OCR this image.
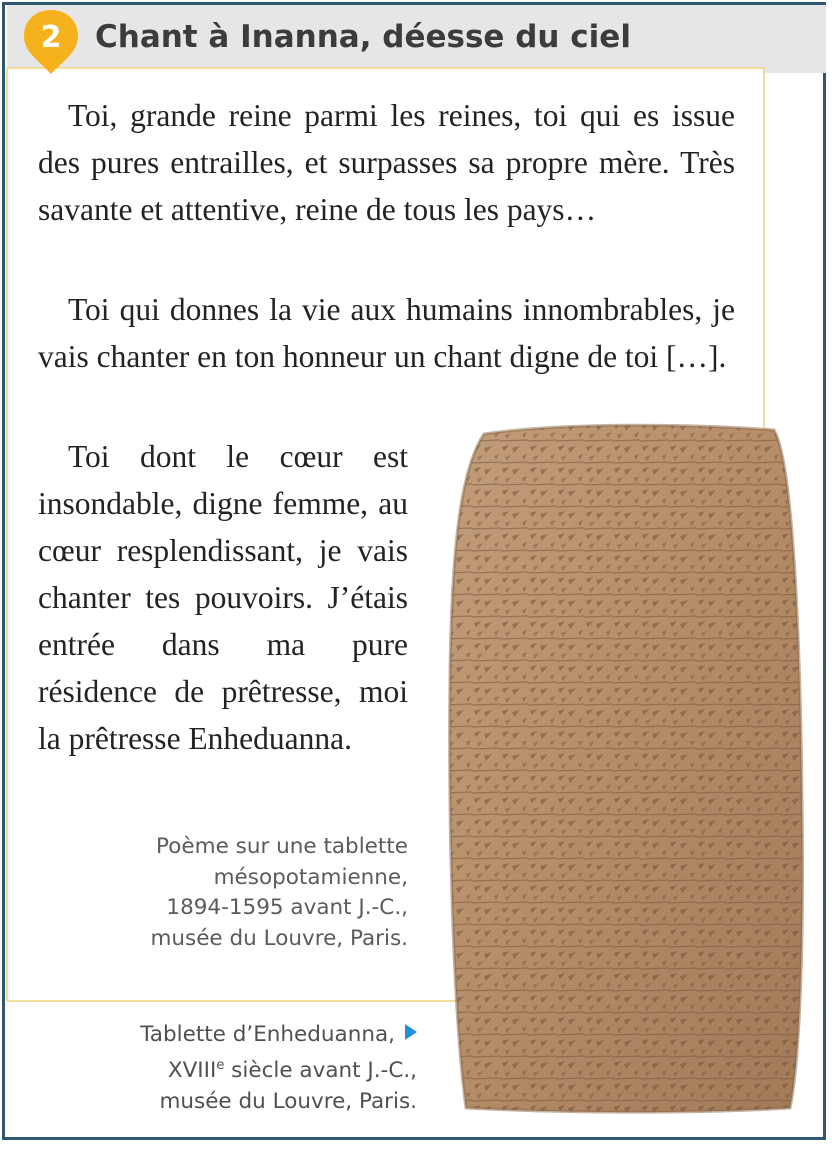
2	Chant à Inanna, déesse du ciel

Toi, grande reine parmi les reines, toi qui es issue des pures entrailles, et surpasses sa propre mère. Très savante et attentive, reine de tous les pays…

Toi qui donnes la vie aux humains innombrables, je vais chanter en ton honneur un chant digne de toi […].

Toi dont le cœur est insondable, digne femme, au cœur resplendissant, je vais chanter tes pouvoirs. J’étais entrée dans ma pure résidence de prêtresse, moi la prêtresse Enheduanna.

Poème sur une tablette
mésopotamienne,
1894-1595 avant J.-C.,
musée du Louvre, Paris.

Tablette d’Enheduanna,
XVIIIe siècle avant J.-C.,
musée du Louvre, Paris.
